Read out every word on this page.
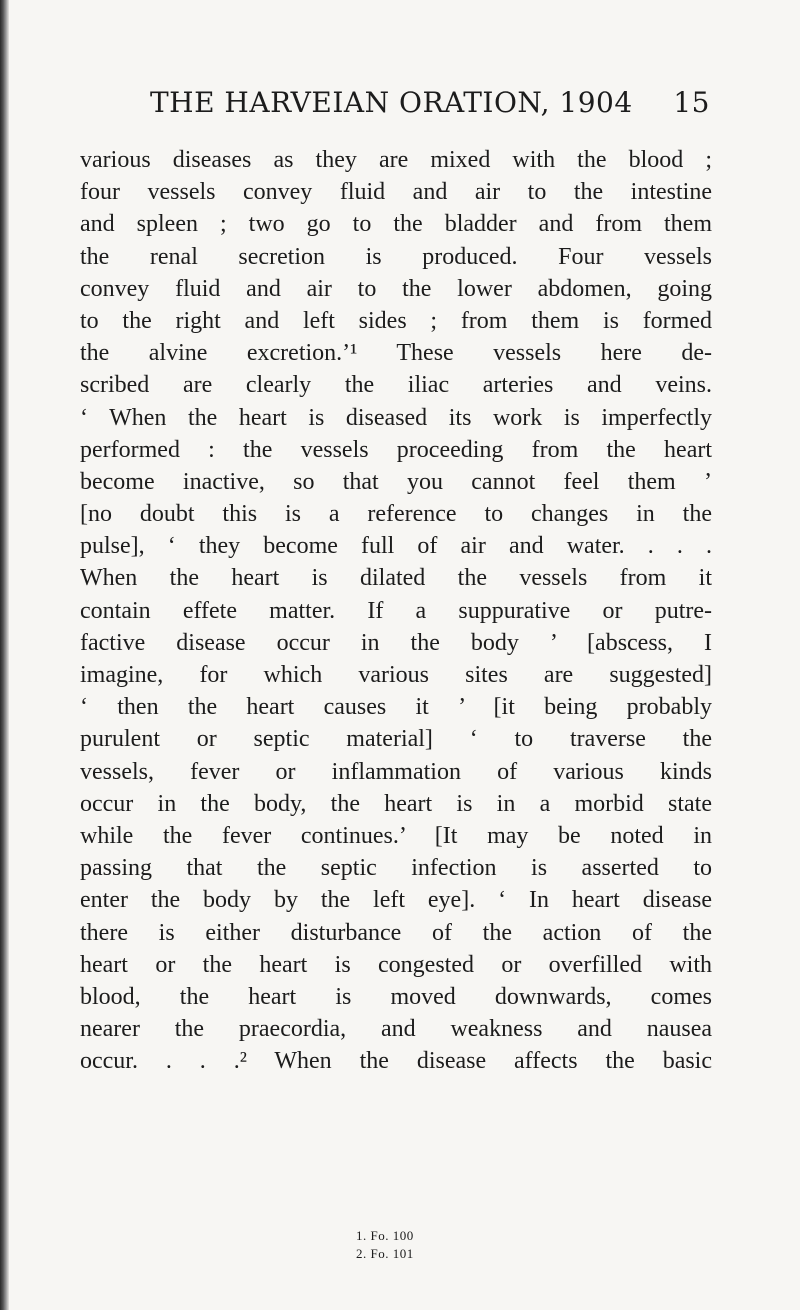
THE HARVEIAN ORATION, 1904 15
various diseases as they are mixed with the blood ;
four vessels convey fluid and air to the intestine
and spleen ; two go to the bladder and from them
the renal secretion is produced. Four vessels
convey fluid and air to the lower abdomen, going
to the right and left sides ; from them is formed
the alvine excretion.’¹ These vessels here de-
scribed are clearly the iliac arteries and veins.
‘ When the heart is diseased its work is imperfectly
performed : the vessels proceeding from the heart
become inactive, so that you cannot feel them ’
[no doubt this is a reference to changes in the
pulse], ‘ they become full of air and water. . . .
When the heart is dilated the vessels from it
contain effete matter. If a suppurative or putre-
factive disease occur in the body ’ [abscess, I
imagine, for which various sites are suggested]
‘ then the heart causes it ’ [it being probably
purulent or septic material] ‘ to traverse the
vessels, fever or inflammation of various kinds
occur in the body, the heart is in a morbid state
while the fever continues.’ [It may be noted in
passing that the septic infection is asserted to
enter the body by the left eye]. ‘ In heart disease
there is either disturbance of the action of the
heart or the heart is congested or overfilled with
blood, the heart is moved downwards, comes
nearer the praecordia, and weakness and nausea
occur. . . .² When the disease affects the basic
1. Fo. 100
2. Fo. 101
